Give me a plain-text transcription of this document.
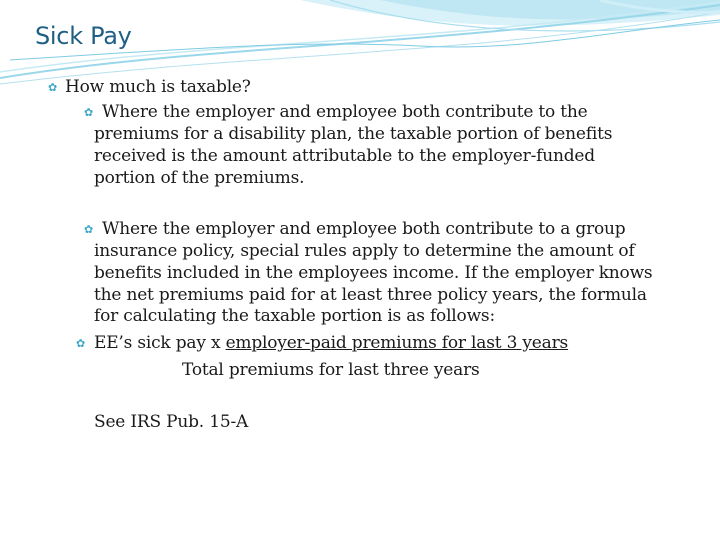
Sick Pay
✿ How much is taxable?
✿ Where the employer and employee both contribute to the
premiums for a disability plan, the taxable portion of benefits
received is the amount attributable to the employer-funded
portion of the premiums.
✿ Where the employer and employee both contribute to a group
insurance policy, special rules apply to determine the amount of
benefits included in the employees income. If the employer knows
the net premiums paid for at least three policy years, the formula
for calculating the taxable portion is as follows:
✿ EE’s sick pay x employer-paid premiums for last 3 years
Total premiums for last three years
See IRS Pub. 15-A
